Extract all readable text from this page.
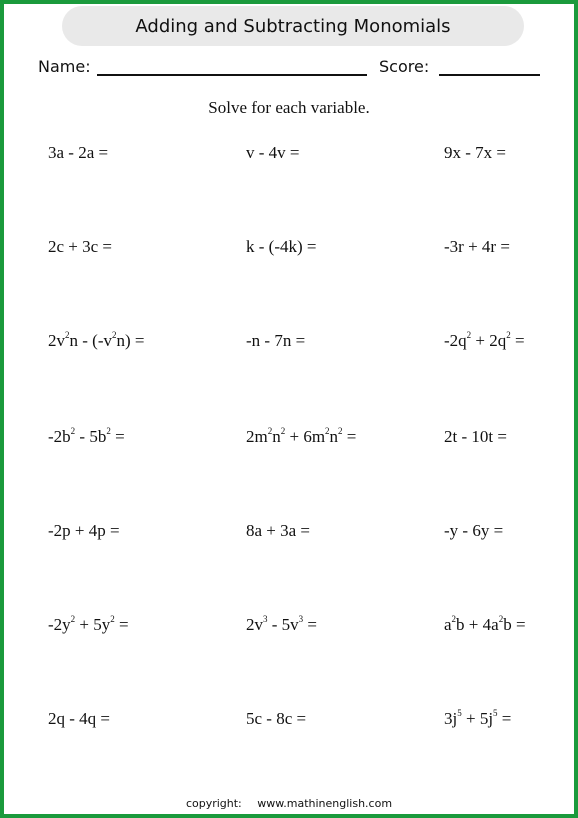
Adding and Subtracting Monomials
Name:	Score:
Solve for each variable.
3a - 2a =	v - 4v =	9x - 7x =
2c + 3c =	k - (-4k) =	-3r + 4r =
$2v^2n - (-v^2n)$ =	-n - 7n =	$-2q^2 + 2q^2$ =
$-2b^2 - 5b^2$ =	$2m^2n^2 + 6m^2n^2$ =	2t - 10t =
-2p + 4p =	8a + 3a =	-y - 6y =
$-2y^2 + 5y^2$ =	$2v^3 - 5v^3$ =	$a^2b + 4a^2b$ =
2q - 4q =	5c - 8c =	$3j^5 + 5j^5$ =
copyright: www.mathinenglish.com
